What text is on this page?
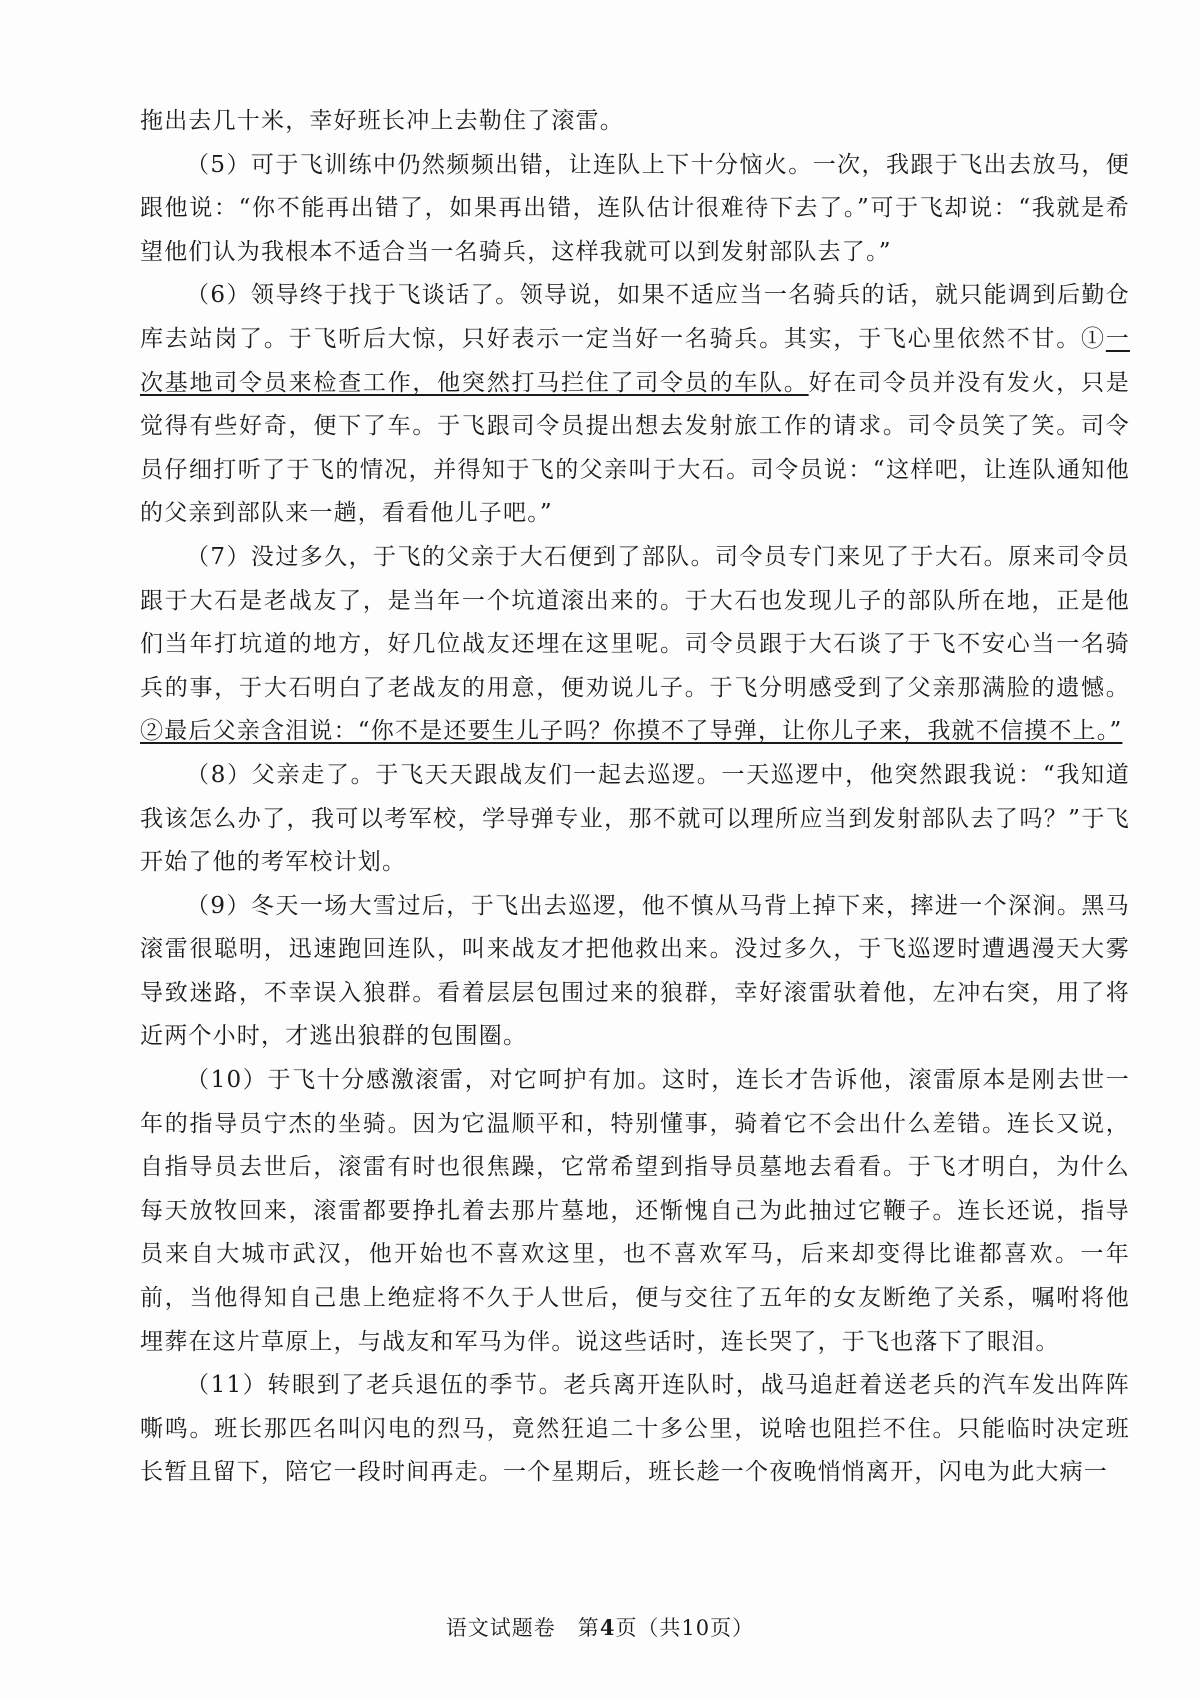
拖出去几十米，幸好班长冲上去勒住了滚雷。

（5）可于飞训练中仍然频频出错，让连队上下十分恼火。一次，我跟于飞出去放马，便跟他说：“你不能再出错了，如果再出错，连队估计很难待下去了。”可于飞却说：“我就是希望他们认为我根本不适合当一名骑兵，这样我就可以到发射部队去了。”

（6）领导终于找于飞谈话了。领导说，如果不适应当一名骑兵的话，就只能调到后勤仓库去站岗了。于飞听后大惊，只好表示一定当好一名骑兵。其实，于飞心里依然不甘。①一次基地司令员来检查工作，他突然打马拦住了司令员的车队。好在司令员并没有发火，只是觉得有些好奇，便下了车。于飞跟司令员提出想去发射旅工作的请求。司令员笑了笑。司令员仔细打听了于飞的情况，并得知于飞的父亲叫于大石。司令员说：“这样吧，让连队通知他的父亲到部队来一趟，看看他儿子吧。”

（7）没过多久，于飞的父亲于大石便到了部队。司令员专门来见了于大石。原来司令员跟于大石是老战友了，是当年一个坑道滚出来的。于大石也发现儿子的部队所在地，正是他们当年打坑道的地方，好几位战友还埋在这里呢。司令员跟于大石谈了于飞不安心当一名骑兵的事，于大石明白了老战友的用意，便劝说儿子。于飞分明感受到了父亲那满脸的遗憾。②最后父亲含泪说：“你不是还要生儿子吗？你摸不了导弹，让你儿子来，我就不信摸不上。”

（8）父亲走了。于飞天天跟战友们一起去巡逻。一天巡逻中，他突然跟我说：“我知道我该怎么办了，我可以考军校，学导弹专业，那不就可以理所应当到发射部队去了吗？”于飞开始了他的考军校计划。

（9）冬天一场大雪过后，于飞出去巡逻，他不慎从马背上掉下来，摔进一个深涧。黑马滚雷很聪明，迅速跑回连队，叫来战友才把他救出来。没过多久，于飞巡逻时遭遇漫天大雾导致迷路，不幸误入狼群。看着层层包围过来的狼群，幸好滚雷驮着他，左冲右突，用了将近两个小时，才逃出狼群的包围圈。

（10）于飞十分感激滚雷，对它呵护有加。这时，连长才告诉他，滚雷原本是刚去世一年的指导员宁杰的坐骑。因为它温顺平和，特别懂事，骑着它不会出什么差错。连长又说，自指导员去世后，滚雷有时也很焦躁，它常希望到指导员墓地去看看。于飞才明白，为什么每天放牧回来，滚雷都要挣扎着去那片墓地，还惭愧自己为此抽过它鞭子。连长还说，指导员来自大城市武汉，他开始也不喜欢这里，也不喜欢军马，后来却变得比谁都喜欢。一年前，当他得知自己患上绝症将不久于人世后，便与交往了五年的女友断绝了关系，嘱咐将他埋葬在这片草原上，与战友和军马为伴。说这些话时，连长哭了，于飞也落下了眼泪。

（11）转眼到了老兵退伍的季节。老兵离开连队时，战马追赶着送老兵的汽车发出阵阵嘶鸣。班长那匹名叫闪电的烈马，竟然狂追二十多公里，说啥也阻拦不住。只能临时决定班长暂且留下，陪它一段时间再走。一个星期后，班长趁一个夜晚悄悄离开，闪电为此大病一

语文试题卷　第4页（共10页）
